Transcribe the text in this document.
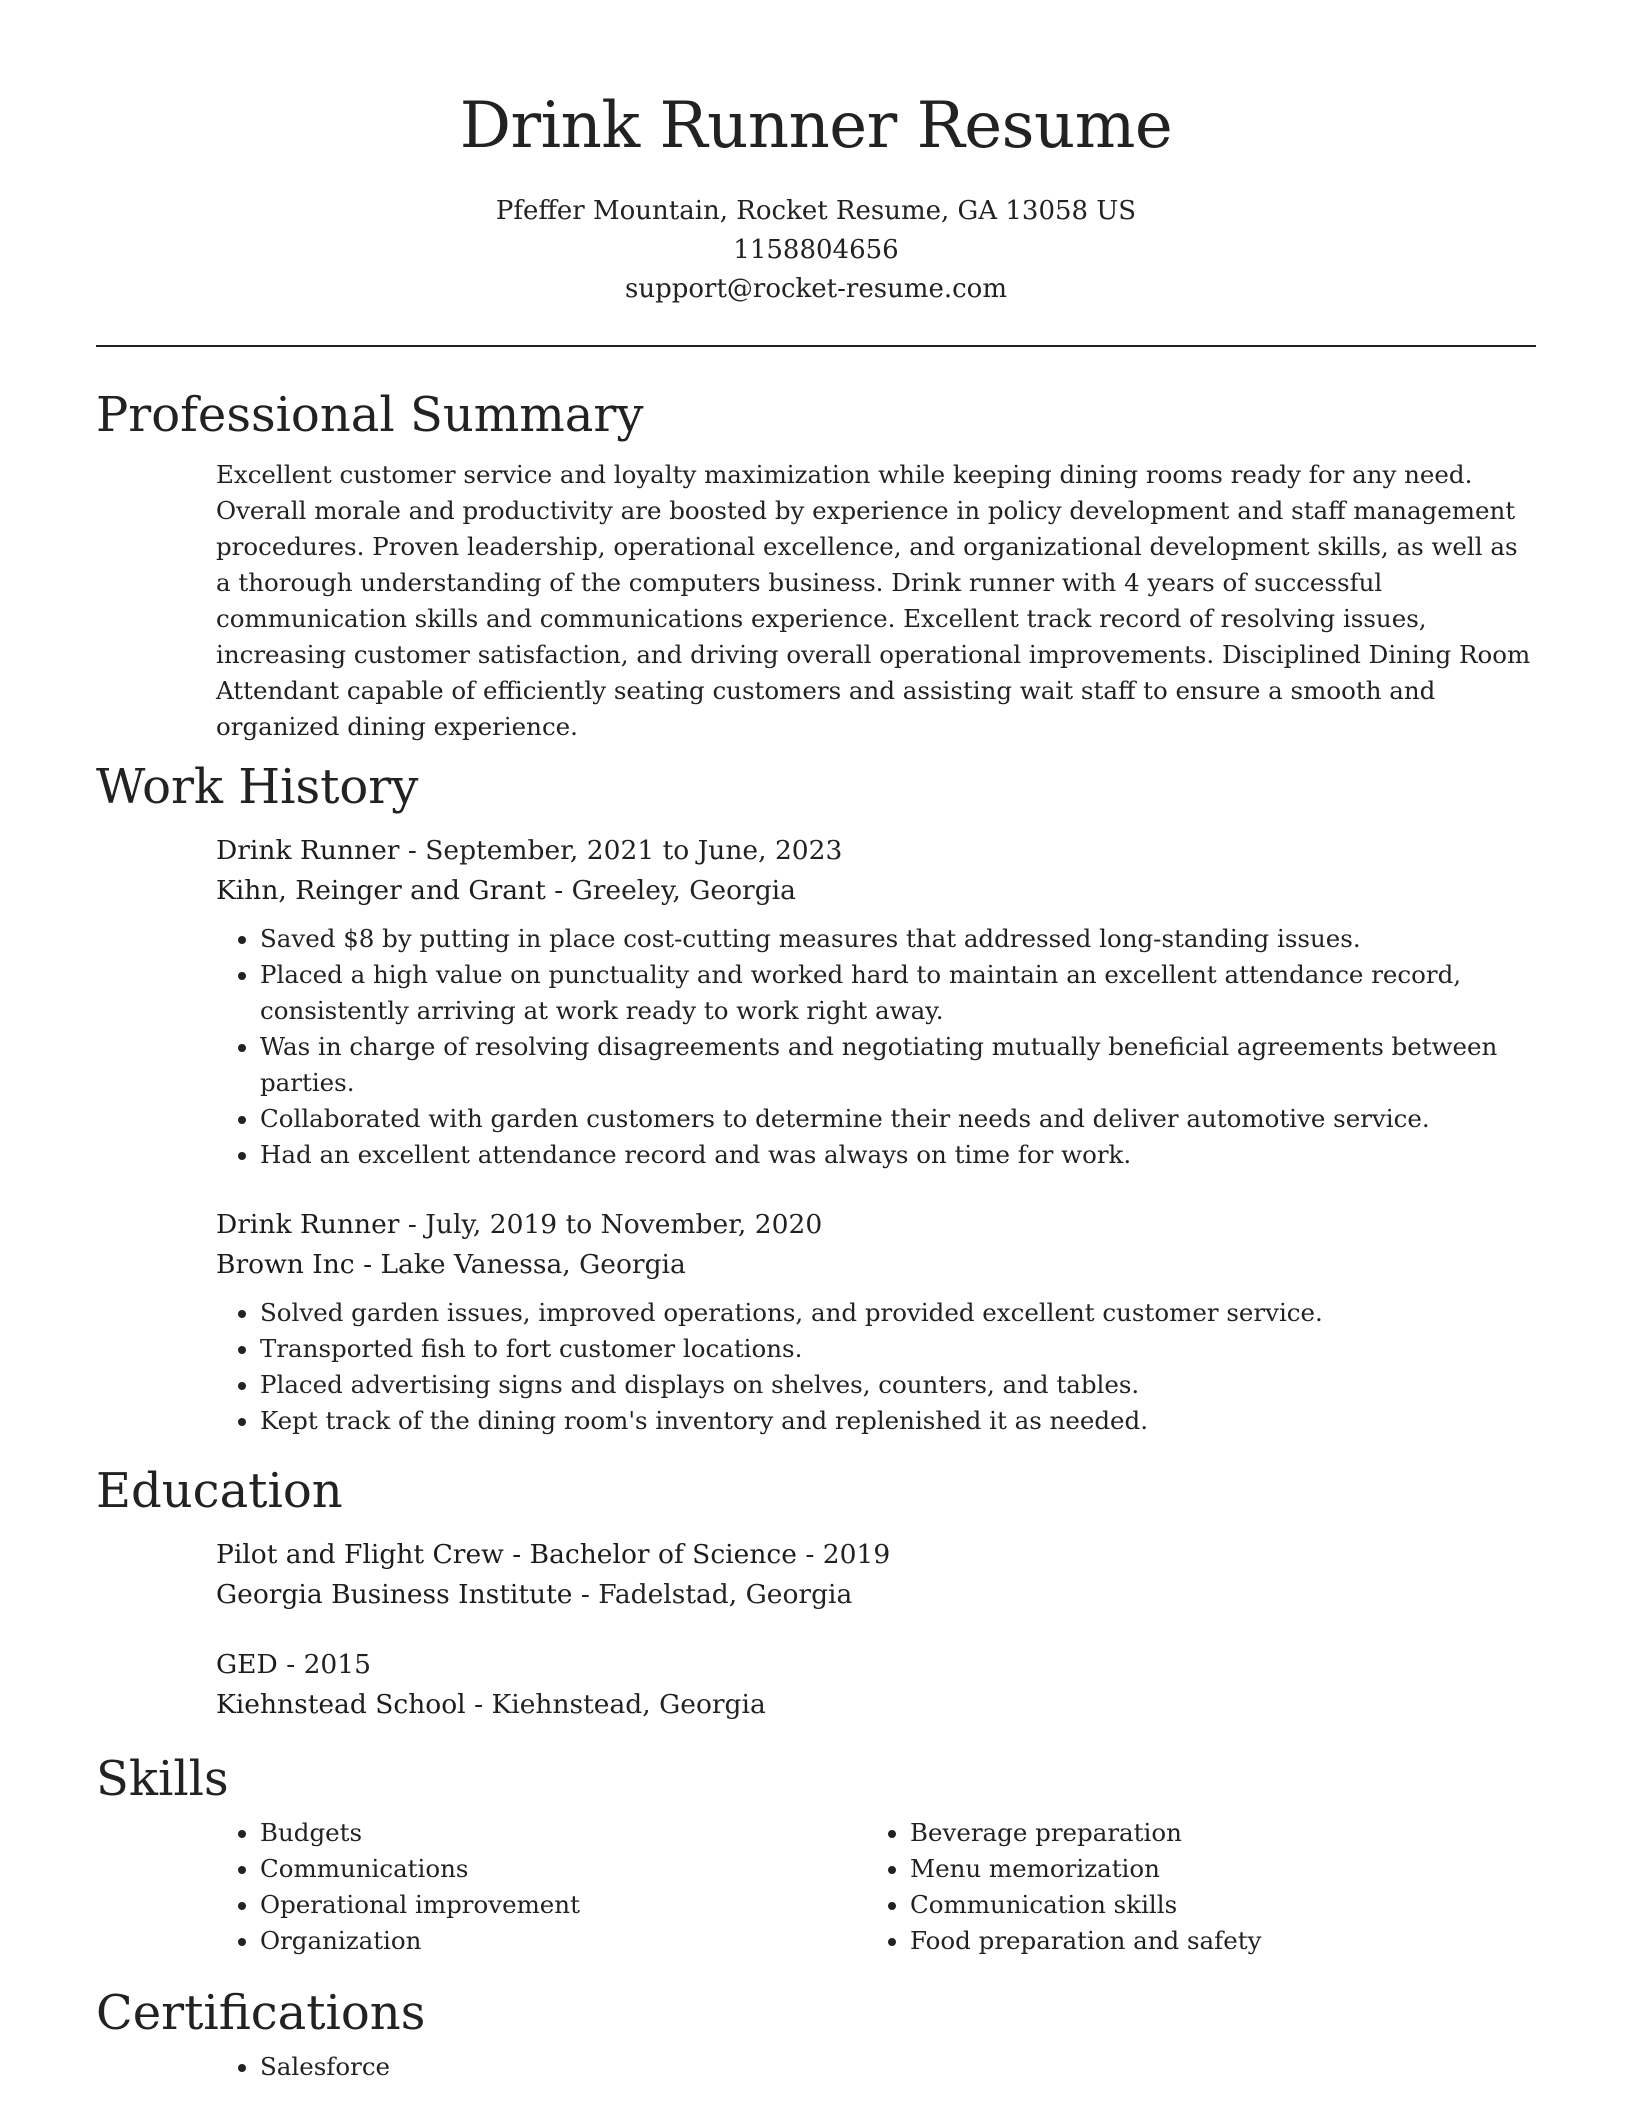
Drink Runner Resume
Pfeffer Mountain, Rocket Resume, GA 13058 US
1158804656
support@rocket-resume.com
Professional Summary

Excellent customer service and loyalty maximization while keeping dining rooms ready for any need. Overall morale and productivity are boosted by experience in policy development and staff management procedures. Proven leadership, operational excellence, and organizational development skills, as well as a thorough understanding of the computers business. Drink runner with 4 years of successful communication skills and communications experience. Excellent track record of resolving issues, increasing customer satisfaction, and driving overall operational improvements. Disciplined Dining Room Attendant capable of efficiently seating customers and assisting wait staff to ensure a smooth and organized dining experience.

Work History
Drink Runner - September, 2021 to June, 2023
Kihn, Reinger and Grant - Greeley, Georgia
• Saved $8 by putting in place cost-cutting measures that addressed long-standing issues.
• Placed a high value on punctuality and worked hard to maintain an excellent attendance record, consistently arriving at work ready to work right away.
• Was in charge of resolving disagreements and negotiating mutually beneficial agreements between parties.
• Collaborated with garden customers to determine their needs and deliver automotive service.
• Had an excellent attendance record and was always on time for work.
Drink Runner - July, 2019 to November, 2020
Brown Inc - Lake Vanessa, Georgia
• Solved garden issues, improved operations, and provided excellent customer service.
• Transported fish to fort customer locations.
• Placed advertising signs and displays on shelves, counters, and tables.
• Kept track of the dining room's inventory and replenished it as needed.
Education
Pilot and Flight Crew - Bachelor of Science - 2019
Georgia Business Institute - Fadelstad, Georgia
GED - 2015
Kiehnstead School - Kiehnstead, Georgia
Skills
• Budgets
• Communications
• Operational improvement
• Organization
• Beverage preparation
• Menu memorization
• Communication skills
• Food preparation and safety
Certifications
• Salesforce
